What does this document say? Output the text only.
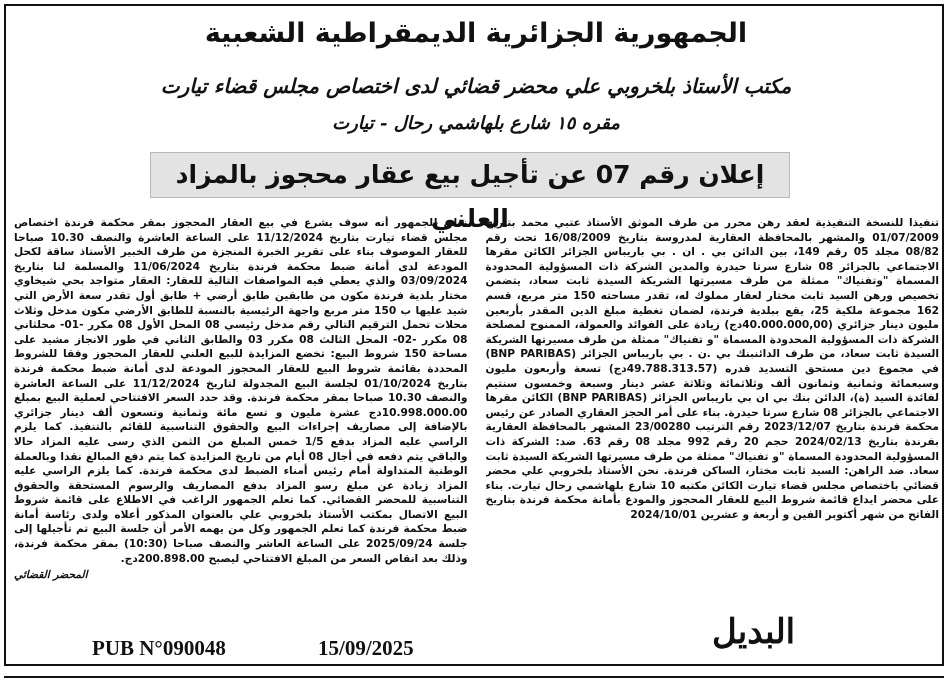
الجمهورية الجزائرية الديمقراطية الشعبية
مكتب الأستاذ بلخروبي علي محضر قضائي لدى اختصاص مجلس قضاء تيارت
مقره ١٥ شارع بلهاشمي رحال - تيارت
إعلان رقم 07 عن تأجيل بيع عقار محجوز بالمزاد العلني

تنفيذا للنسخة التنفيذية لعقد رهن محرر من طرف الموثق الأستاذ عتبي محمد بتاريخ 01/07/2009 والمشهر بالمحافظة العقارية لمدروسة بتاريخ 16/08/2009 تحت رقم 08/82 مجلد 05 رقم 149، بين الدائن بي . ان . بي باريباس الجزائر الكائن مقرها الاجتماعي بالجزائر 08 شارع سرتا حيدرة والمدين الشركة ذات المسؤولية المحدودة المسماة "وتفنياك" ممثلة من طرف مسيرتها الشريكة السيدة ثابت سعاد، يتضمن تخصيص ورهن السيد ثابت مختار لعقار مملوك له، تقدر مساحته 150 متر مربع، قسم 162 مجموعة ملكية 25، يقع ببلدية فرندة، لضمان تغطية مبلغ الدين المقدر بأربعين مليون دينار جزائري (40.000.000,00دج) زيادة على الفوائد والعمولة، الممنوح لمصلحة الشركة ذات المسؤولية المحدودة المسماة "و تفنياك" ممثلة من طرف مسيرتها الشريكة السيدة ثابت سعاد، من طرف الدائنبنك بي .ن . بي باريباس الجزائر (BNP PARIBAS) في مجموع دين مستحق التسديد قدره (49.788.313.57دج) تسعة وأربعون مليون وسبعمائة وثمانية وثمانون ألف وثلاثمائة وثلاثة عشر دينار وسبعة وخمسون سنتيم لفائدة السيد (ة)، الدائن بنك بي ان بي باريباس الجزائر (BNP PARIBAS) الكائن مقرها الاجتماعي بالجزائر 08 شارع سرتا حيدرة. بناء على أمر الحجز العقاري الصادر عن رئيس محكمة فرندة بتاريخ 2023/12/07 رقم الترتيب 23/00280 المشهر بالمحافظة العقارية بفرندة بتاريخ 2024/02/13 حجم 20 رقم 992 مجلد 08 رقم 63. ضد: الشركة ذات المسؤولية المحدودة المسماة "و تفنياك" ممثلة من طرف مسيرتها الشريكة السيدة ثابت سعاد. ضد الراهن: السيد ثابت مختار، الساكن فرندة. نحن الأستاذ بلخروبي علي محضر قضائي باختصاص مجلس قضاء تيارت الكائن مكتبه 10 شارع بلهاشمي رحال تيارت. بناء على محضر ايداع قائمة شروط البيع للعقار المحجوز والمودع بأمانة محكمة فرندة بتاريخ الفاتح من شهر أكتوبر الفين و أربعة و عشرين 2024/10/01

نعلن للجمهور أنه سوف يشرع في بيع العقار المحجوز بمقر محكمة فرندة اختصاص مجلس قضاء تيارت بتاريخ 11/12/2024 على الساعة العاشرة والنصف 10.30 صباحا للعقار الموصوف بناء على تقرير الخبرة المنجزة من طرف الخبير الأستاذ ساقة لكحل المودعة لدى أمانة ضبط محكمة فرندة بتاريخ 11/06/2024 والمسلمة لنا بتاريخ 03/09/2024 والذي يعطي فيه المواصفات التالية للعقار: العقار متواجد بحي شيخاوي مختار بلدية فرندة مكون من طابقين طابق أرضي + طابق أول تقدر سعة الأرض التي شيد عليها ب 150 متر مربع واجهة الرئيسية بالنسبة للطابق الأرضي مكون مدخل وثلاث محلات تحمل الترقيم التالي رقم مدخل رئيسي 08 المحل الأول 08 مكرر -01- محلثاني 08 مكرر -02- المحل الثالث 08 مكرر 03 والطابق الثاني في طور الانجاز مشيد على مساحة 150 شروط البيع: تخضع المزايدة للبيع العلني للعقار المحجوز وفقا للشروط المحددة بقائمة شروط البيع للعقار المحجوز المودعة لدى أمانة ضبط محكمة فرندة بتاريخ 01/10/2024 لجلسة البيع المجدولة لتاريخ 11/12/2024 على الساعة العاشرة والنصف 10.30 صباحا بمقر محكمة فرندة. وقد حدد السعر الافتتاحي لعملية البيع بمبلغ 10.998.000.00دج عشرة مليون و تسع مائة وثمانية وتسعون ألف دينار جزائري بالإضافة إلى مصاريف إجراءات البيع والحقوق التناسبية للقائم بالتنفيذ. كما يلزم الراسي عليه المزاد بدفع 1/5 خمس المبلغ من الثمن الذي رسى عليه المزاد حالا والباقي يتم دفعه في أجال 08 أيام من تاريخ المزايدة كما يتم دفع المبالغ نقدا وبالعملة الوطنية المتداولة أمام رئيس أمناء الضبط لدى محكمة فرندة. كما يلزم الراسي عليه المزاد زيادة عن مبلغ رسو المزاد بدفع المصاريف والرسوم المستحقة والحقوق التناسبية للمحضر القضائي. كما تعلم الجمهور الراغب في الاطلاع على قائمة شروط البيع الاتصال بمكتب الأستاذ بلخروبي علي بالعنوان المذكور أعلاه ولدى رئاسة أمانة ضبط محكمة فرندة كما تعلم الجمهور وكل من يهمه الأمر أن جلسة البيع تم تأجيلها إلى جلسة 2025/09/24 على الساعة العاشر والنصف صباحا (10:30) بمقر محكمة فرندة، وذلك بعد انقاص السعر من المبلغ الافتتاحي ليصبح 200.898.00دج.

المحضر القضائي
البديل
PUB N°090048	15/09/2025
